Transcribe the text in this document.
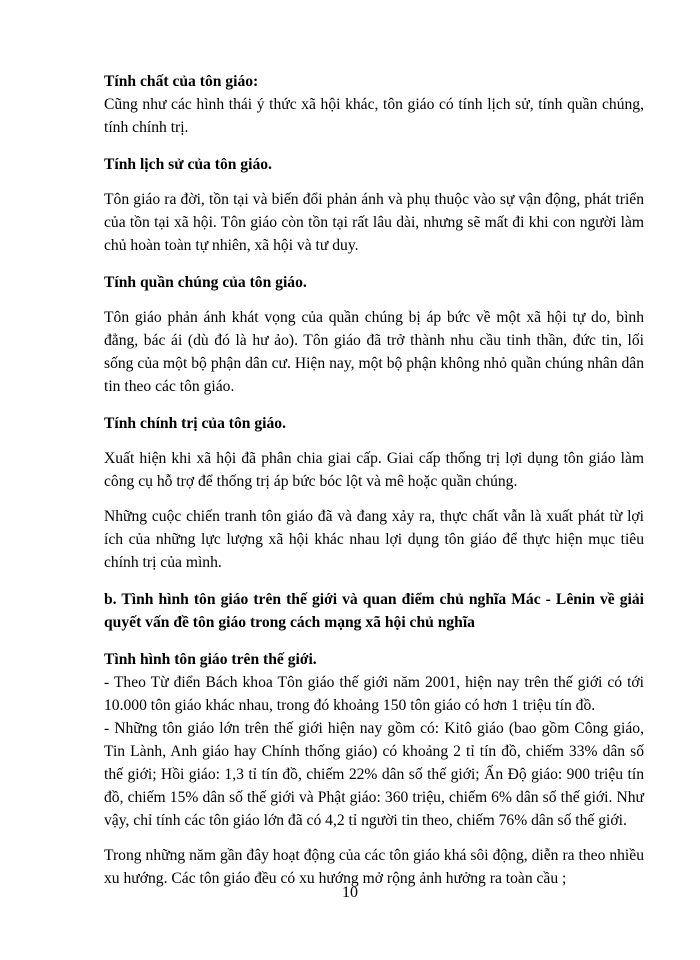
Tính chất của tôn giáo:

Cũng như các hình thái ý thức xã hội khác, tôn giáo có tính lịch sử, tính quần chúng, tính chính trị.

Tính lịch sử của tôn giáo.

Tôn giáo ra đời, tồn tại và biến đổi phản ánh và phụ thuộc vào sự vận động, phát triển của tồn tại xã hội. Tôn giáo còn tồn tại rất lâu dài, nhưng sẽ mất đi khi con người làm chủ hoàn toàn tự nhiên, xã hội và tư duy.

Tính quần chúng của tôn giáo.

Tôn giáo phản ánh khát vọng của quần chúng bị áp bức về một xã hội tự do, bình đẳng, bác ái (dù đó là hư ảo). Tôn giáo đã trở thành nhu cầu tinh thần, đức tin, lối sống của một bộ phận dân cư. Hiện nay, một bộ phận không nhỏ quần chúng nhân dân tin theo các tôn giáo.

Tính chính trị của tôn giáo.

Xuất hiện khi xã hội đã phân chia giai cấp. Giai cấp thống trị lợi dụng tôn giáo làm công cụ hỗ trợ để thống trị áp bức bóc lột và mê hoặc quần chúng.

Những cuộc chiến tranh tôn giáo đã và đang xảy ra, thực chất vẫn là xuất phát từ lợi ích của những lực lượng xã hội khác nhau lợi dụng tôn giáo để thực hiện mục tiêu chính trị của mình.

b. Tình hình tôn giáo trên thế giới và quan điểm chủ nghĩa Mác - Lênin về giải quyết vấn đề tôn giáo trong cách mạng xã hội chủ nghĩa

Tình hình tôn giáo trên thế giới.

- Theo Từ điển Bách khoa Tôn giáo thế giới năm 2001, hiện nay trên thế giới có tới 10.000 tôn giáo khác nhau, trong đó khoảng 150 tôn giáo có hơn 1 triệu tín đồ.

- Những tôn giáo lớn trên thế giới hiện nay gồm có: Kitô giáo (bao gồm Công giáo, Tin Lành, Anh giáo hay Chính thống giáo) có khoảng 2 tỉ tín đồ, chiếm 33% dân số thế giới; Hồi giáo: 1,3 tỉ tín đồ, chiếm 22% dân số thế giới; Ấn Độ giáo: 900 triệu tín đồ, chiếm 15% dân số thế giới và Phật giáo: 360 triệu, chiếm 6% dân số thế giới. Như vậy, chỉ tính các tôn giáo lớn đã có 4,2 tỉ người tin theo, chiếm 76% dân số thế giới.

Trong những năm gần đây hoạt động của các tôn giáo khá sôi động, diễn ra theo nhiều xu hướng. Các tôn giáo đều có xu hướng mở rộng ảnh hưởng ra toàn cầu ;

10
